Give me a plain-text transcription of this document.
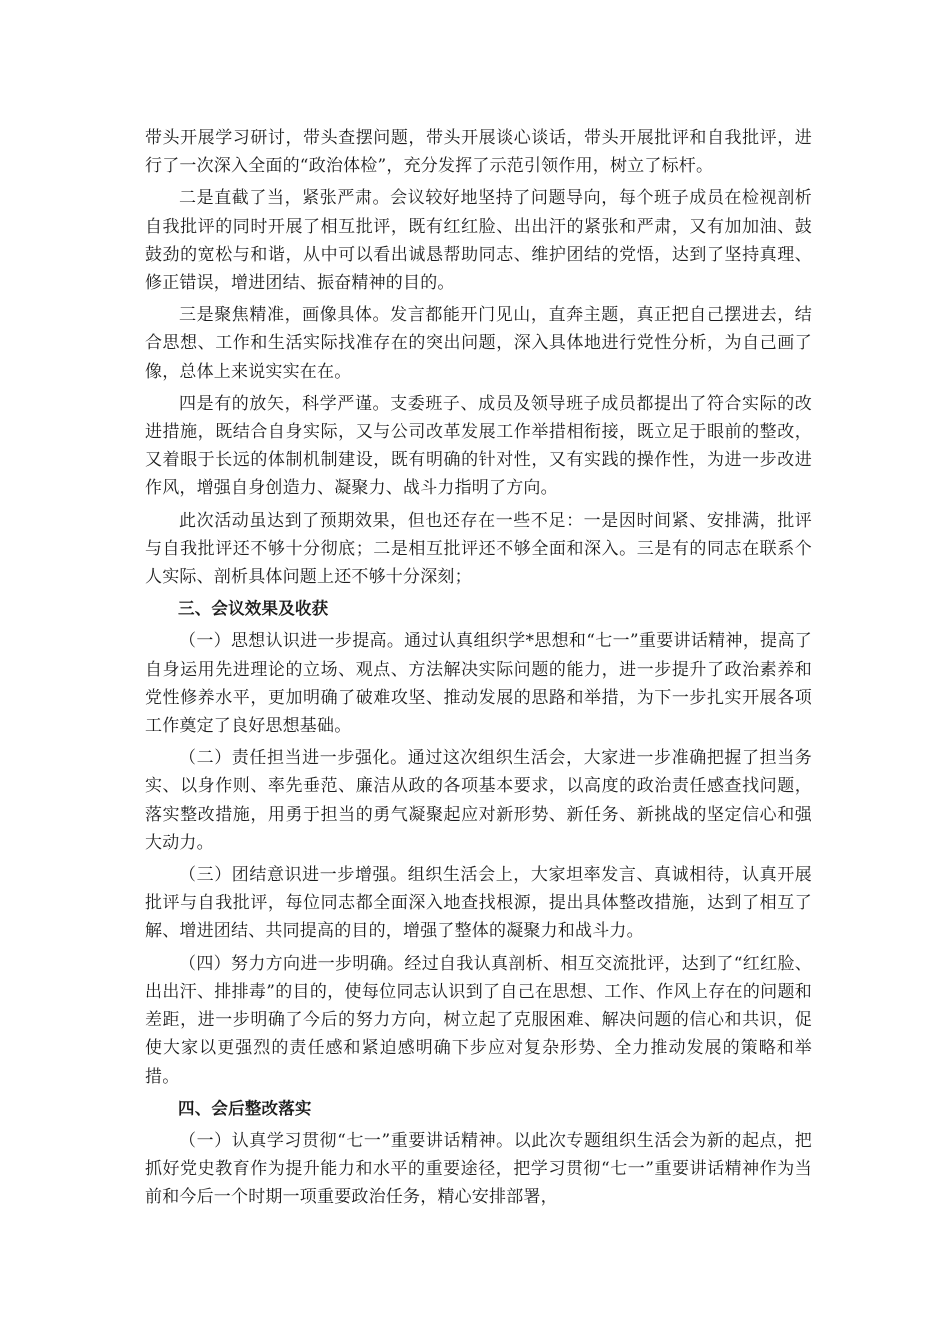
带头开展学习研讨，带头查摆问题，带头开展谈心谈话，带头开展批评和自我批评，进行了一次深入全面的“政治体检”，充分发挥了示范引领作用，树立了标杆。

二是直截了当，紧张严肃。会议较好地坚持了问题导向，每个班子成员在检视剖析自我批评的同时开展了相互批评，既有红红脸、出出汗的紧张和严肃，又有加加油、鼓鼓劲的宽松与和谐，从中可以看出诚恳帮助同志、维护团结的党悟，达到了坚持真理、修正错误，增进团结、振奋精神的目的。

三是聚焦精准，画像具体。发言都能开门见山，直奔主题，真正把自己摆进去，结合思想、工作和生活实际找准存在的突出问题，深入具体地进行党性分析，为自己画了像，总体上来说实实在在。

四是有的放矢，科学严谨。支委班子、成员及领导班子成员都提出了符合实际的改进措施，既结合自身实际，又与公司改革发展工作举措相衔接，既立足于眼前的整改，又着眼于长远的体制机制建设，既有明确的针对性，又有实践的操作性，为进一步改进作风，增强自身创造力、凝聚力、战斗力指明了方向。

此次活动虽达到了预期效果，但也还存在一些不足：一是因时间紧、安排满，批评与自我批评还不够十分彻底；二是相互批评还不够全面和深入。三是有的同志在联系个人实际、剖析具体问题上还不够十分深刻；

三、会议效果及收获

（一）思想认识进一步提高。通过认真组织学*思想和“七一”重要讲话精神，提高了自身运用先进理论的立场、观点、方法解决实际问题的能力，进一步提升了政治素养和党性修养水平，更加明确了破难攻坚、推动发展的思路和举措，为下一步扎实开展各项工作奠定了良好思想基础。

（二）责任担当进一步强化。通过这次组织生活会，大家进一步准确把握了担当务实、以身作则、率先垂范、廉洁从政的各项基本要求，以高度的政治责任感查找问题，落实整改措施，用勇于担当的勇气凝聚起应对新形势、新任务、新挑战的坚定信心和强大动力。

（三）团结意识进一步增强。组织生活会上，大家坦率发言、真诚相待，认真开展批评与自我批评，每位同志都全面深入地查找根源，提出具体整改措施，达到了相互了解、增进团结、共同提高的目的，增强了整体的凝聚力和战斗力。

（四）努力方向进一步明确。经过自我认真剖析、相互交流批评，达到了“红红脸、出出汗、排排毒”的目的，使每位同志认识到了自己在思想、工作、作风上存在的问题和差距，进一步明确了今后的努力方向，树立起了克服困难、解决问题的信心和共识，促使大家以更强烈的责任感和紧迫感明确下步应对复杂形势、全力推动发展的策略和举措。

四、会后整改落实

（一）认真学习贯彻“七一”重要讲话精神。以此次专题组织生活会为新的起点，把抓好党史教育作为提升能力和水平的重要途径，把学习贯彻“七一”重要讲话精神作为当前和今后一个时期一项重要政治任务，精心安排部署，
